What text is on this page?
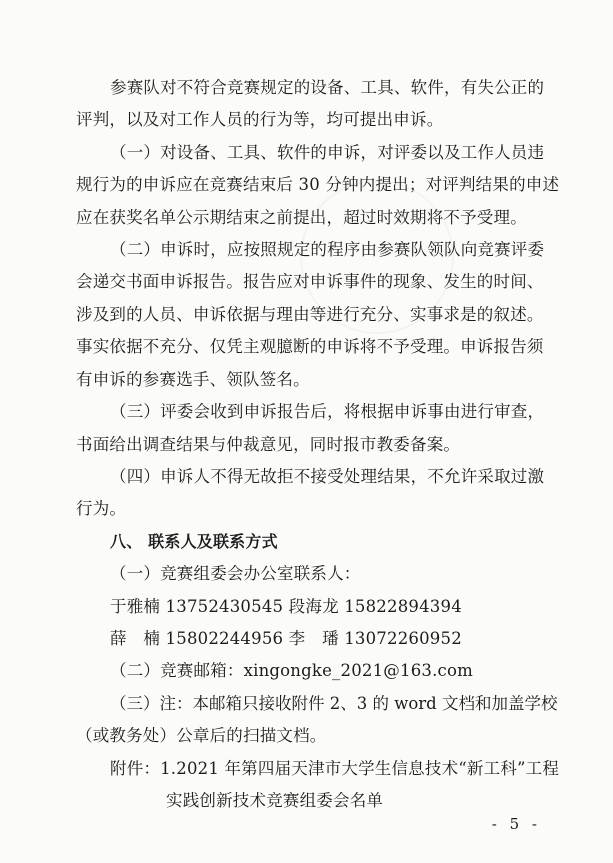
参赛队对不符合竞赛规定的设备、工具、软件，有失公正的
评判，以及对工作人员的行为等，均可提出申诉。
（一）对设备、工具、软件的申诉，对评委以及工作人员违
规行为的申诉应在竞赛结束后 30 分钟内提出；对评判结果的申述
应在获奖名单公示期结束之前提出，超过时效期将不予受理。
（二）申诉时，应按照规定的程序由参赛队领队向竞赛评委
会递交书面申诉报告。报告应对申诉事件的现象、发生的时间、
涉及到的人员、申诉依据与理由等进行充分、实事求是的叙述。
事实依据不充分、仅凭主观臆断的申诉将不予受理。申诉报告须
有申诉的参赛选手、领队签名。
（三）评委会收到申诉报告后，将根据申诉事由进行审查，
书面给出调查结果与仲裁意见，同时报市教委备案。
（四）申诉人不得无故拒不接受处理结果，不允许采取过激
行为。
八、 联系人及联系方式
（一）竞赛组委会办公室联系人：
于雅楠 13752430545 段海龙 15822894394
薛　楠 15802244956 李　璠 13072260952
（二）竞赛邮箱：xingongke_2021@163.com
（三）注：本邮箱只接收附件 2、3 的 word 文档和加盖学校
（或教务处）公章后的扫描文档。
附件：1.2021 年第四届天津市大学生信息技术“新工科”工程
实践创新技术竞赛组委会名单
- 5 -
